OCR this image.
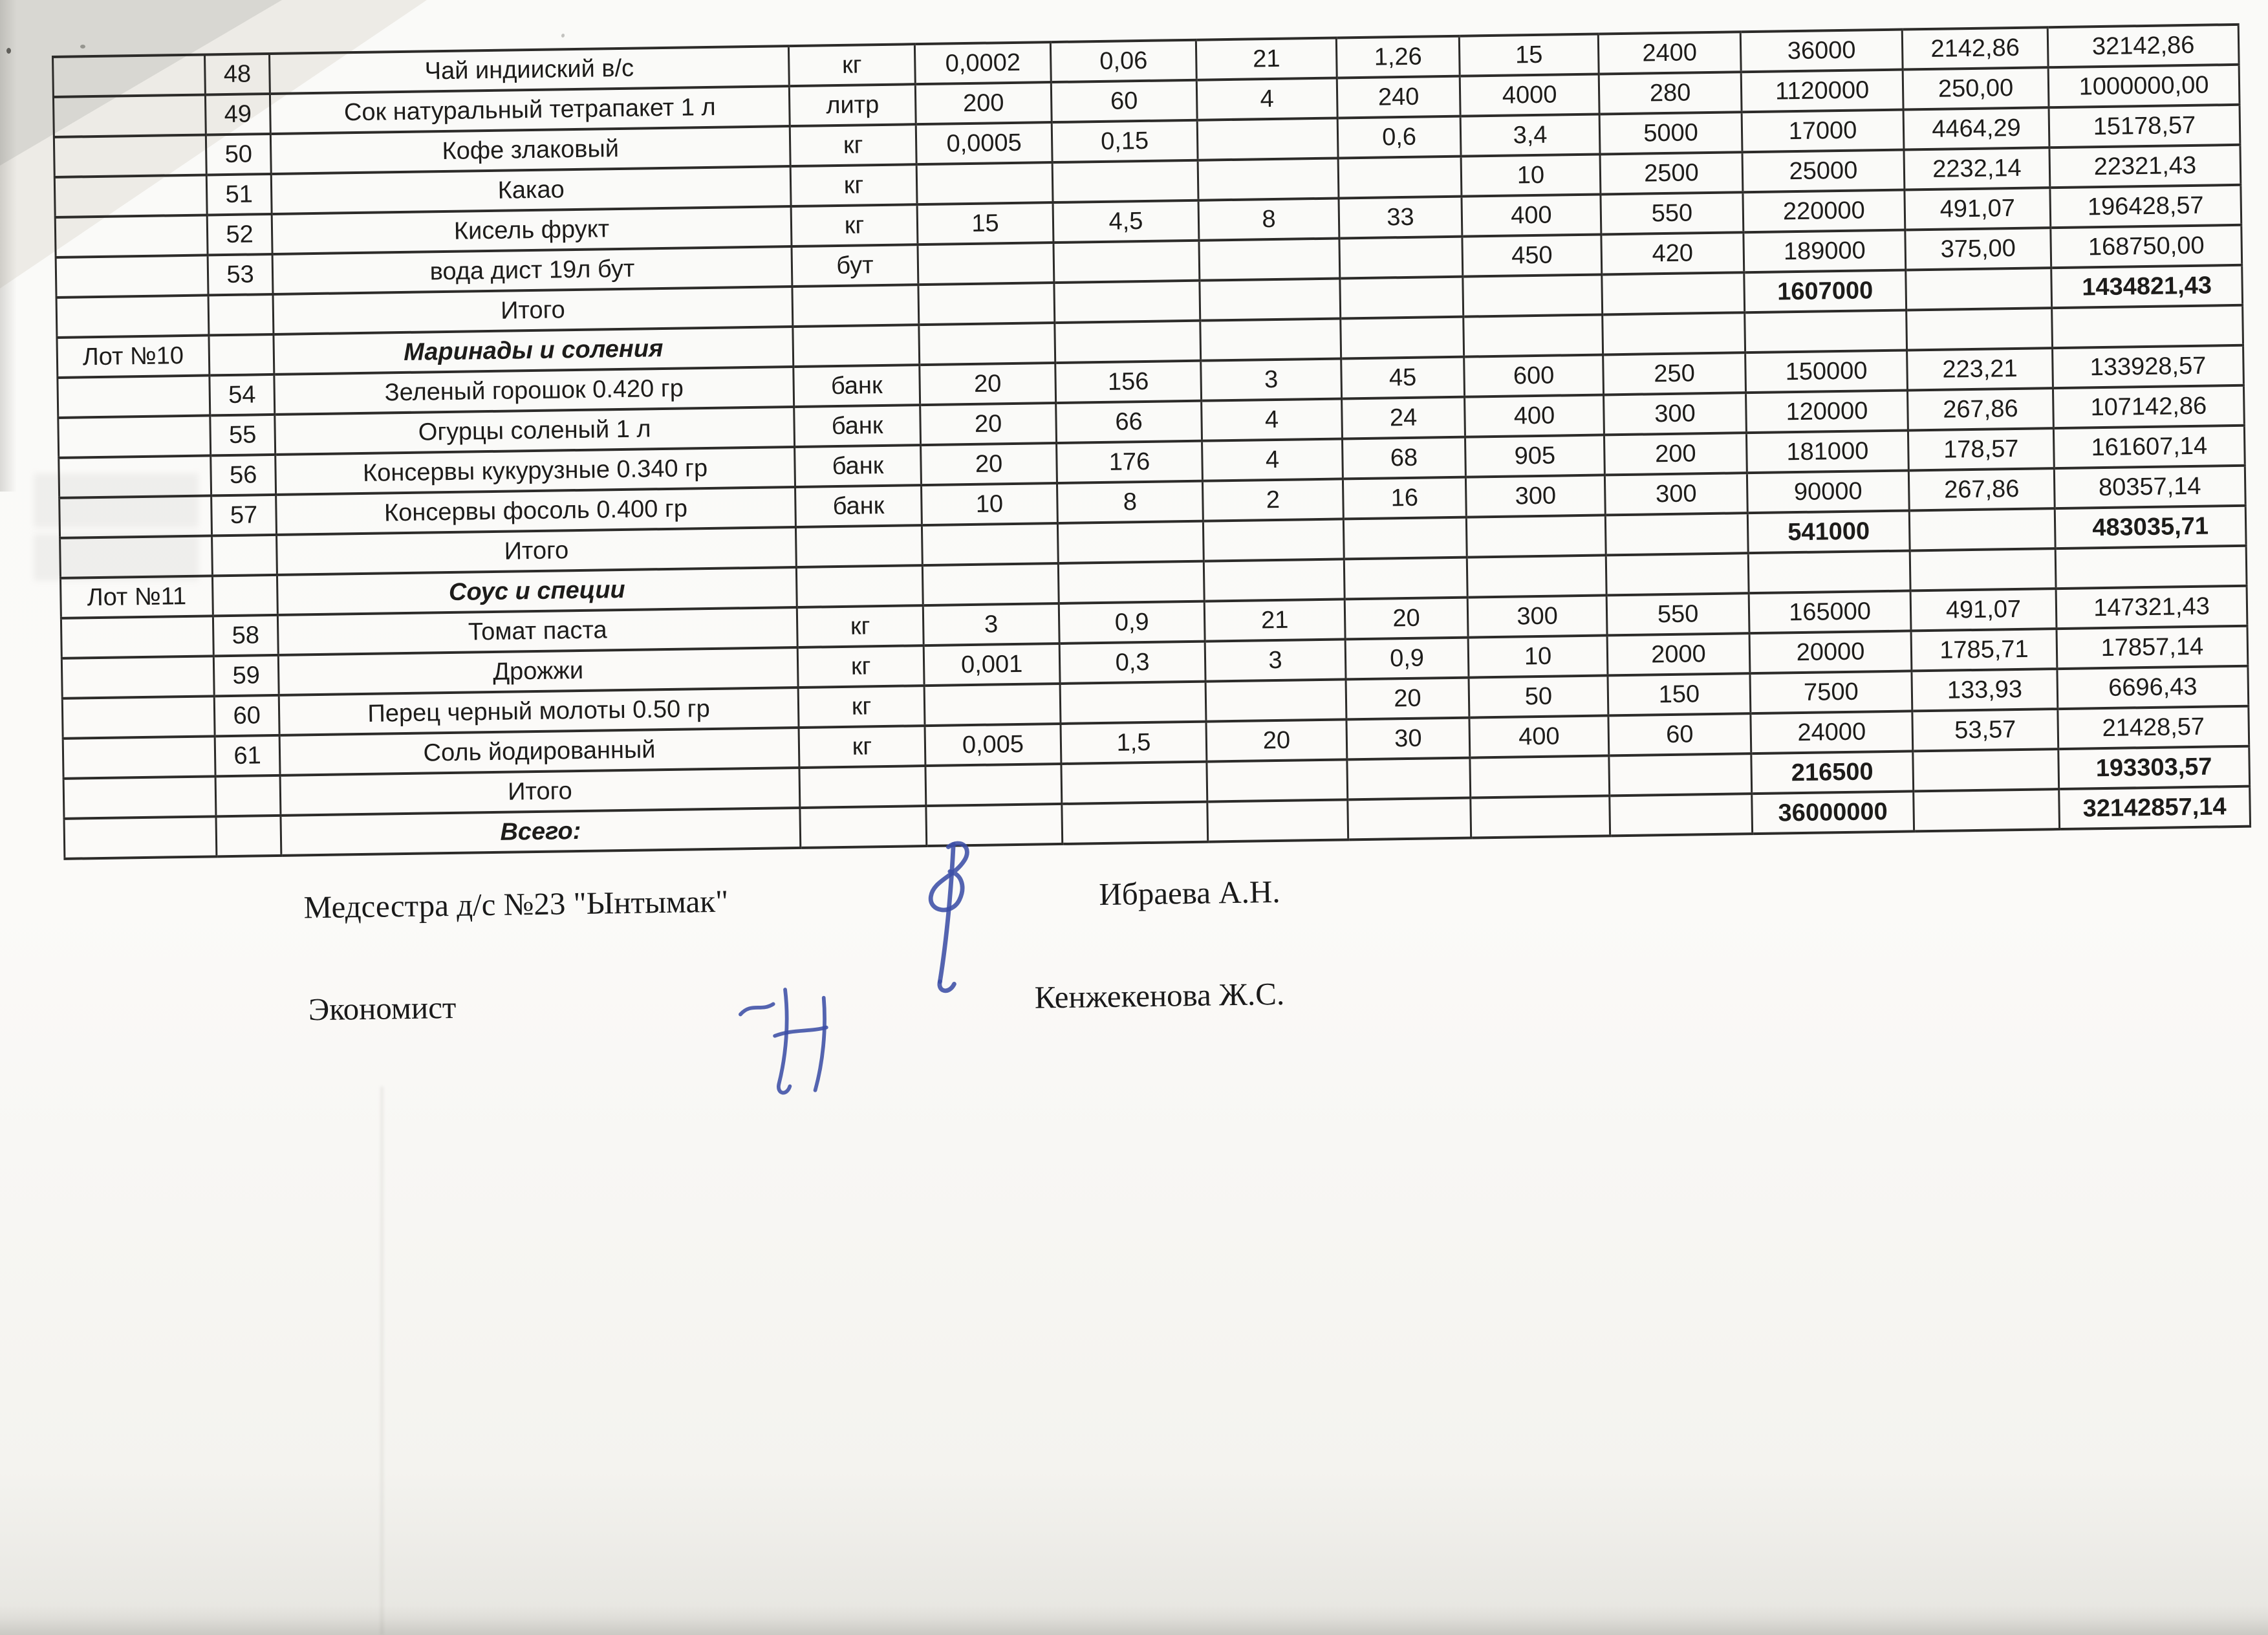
	48	Чай индииский в/с	кг	0,0002	0,06	21	1,26	15	2400	36000	2142,86	32142,86
	49	Сок натуральный тетрапакет 1 л	литр	200	60	4	240	4000	280	1120000	250,00	1000000,00
	50	Кофе злаковый	кг	0,0005	0,15		0,6	3,4	5000	17000	4464,29	15178,57
	51	Какао	кг					10	2500	25000	2232,14	22321,43
	52	Кисель фрукт	кг	15	4,5	8	33	400	550	220000	491,07	196428,57
	53	вода дист 19л бут	бут					450	420	189000	375,00	168750,00
		Итого								1607000		1434821,43
Лот №10		Маринады и соления										
	54	Зеленый горошок 0.420 гр	банк	20	156	3	45	600	250	150000	223,21	133928,57
	55	Огурцы соленый 1 л	банк	20	66	4	24	400	300	120000	267,86	107142,86
	56	Консервы кукурузные 0.340 гр	банк	20	176	4	68	905	200	181000	178,57	161607,14
	57	Консервы фосоль 0.400 гр	банк	10	8	2	16	300	300	90000	267,86	80357,14
		Итого								541000		483035,71
Лот №11		Соус и специи										
	58	Томат паста	кг	3	0,9	21	20	300	550	165000	491,07	147321,43
	59	Дрожжи	кг	0,001	0,3	3	0,9	10	2000	20000	1785,71	17857,14
	60	Перец черный молоты 0.50 гр	кг				20	50	150	7500	133,93	6696,43
	61	Соль йодированный	кг	0,005	1,5	20	30	400	60	24000	53,57	21428,57
		Итого								216500		193303,57
		Всего:								36000000		32142857,14
Медсестра д/с №23 "Ынтымак"	Ибраева А.Н.
Экономист	Кенжекенова Ж.С.
